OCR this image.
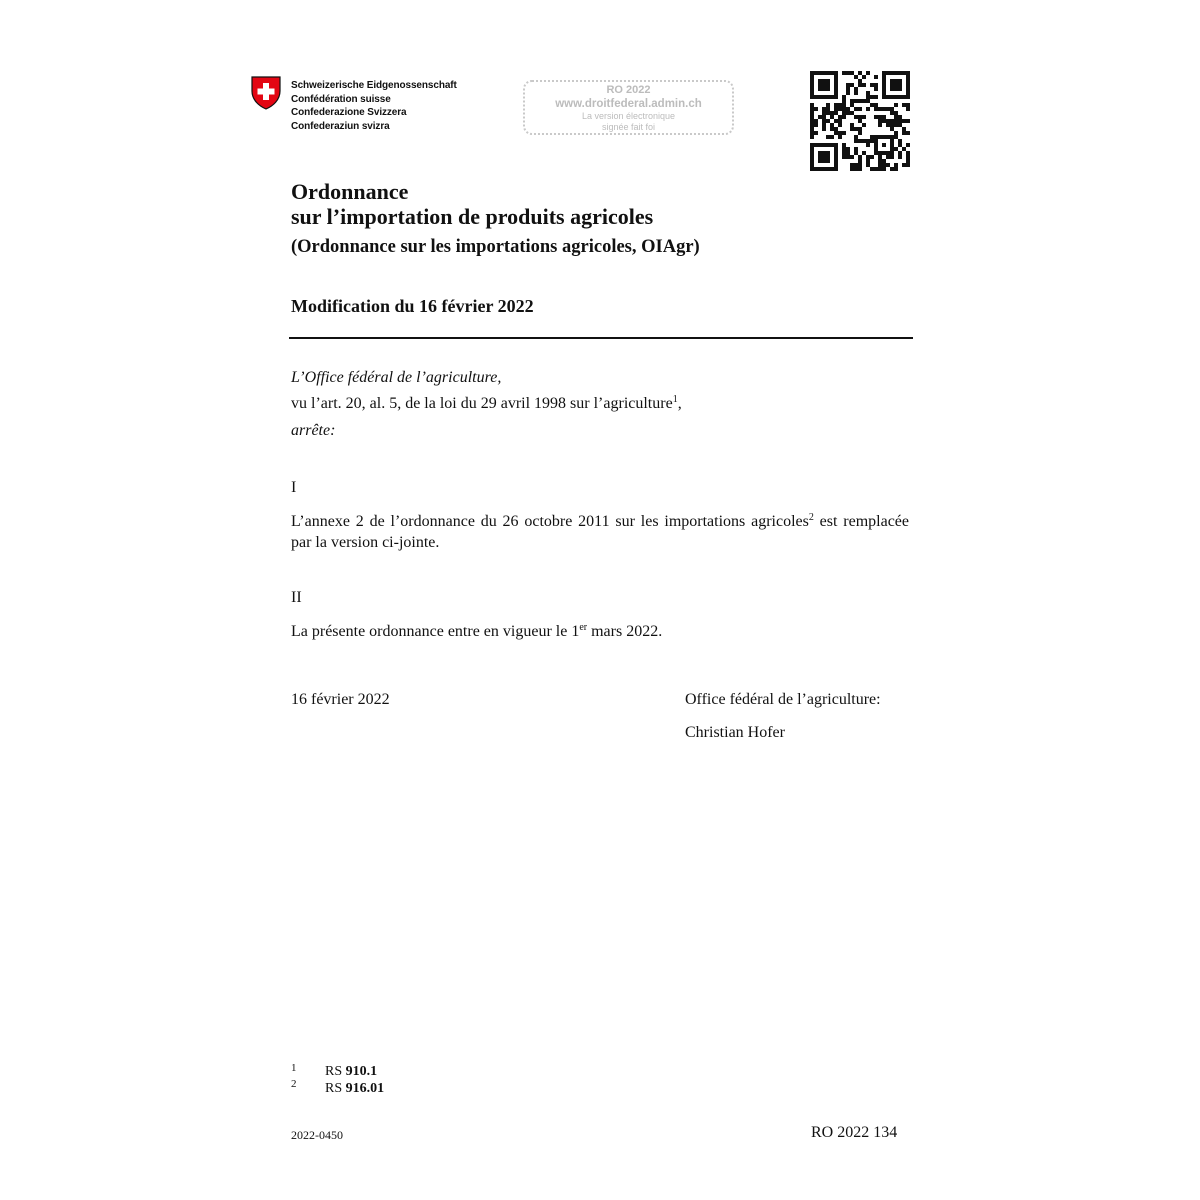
Schweizerische Eidgenossenschaft
Confédération suisse
Confederazione Svizzera
Confederaziun svizra
RO 2022
www.droitfederal.admin.ch
La version électronique
signée fait foi
Ordonnance
sur l’importation de produits agricoles
(Ordonnance sur les importations agricoles, OIAgr)
Modification du 16 février 2022
L’Office fédéral de l’agriculture,
vu l’art. 20, al. 5, de la loi du 29 avril 1998 sur l’agriculture$^1$,
arrête:
I
L’annexe 2 de l’ordonnance du 26 octobre 2011 sur les importations agricoles$^2$ est remplacée par la version ci-jointe.
II
La présente ordonnance entre en vigueur le 1er mars 2022.
16 février 2022	Office fédéral de l’agriculture:
Christian Hofer
1 RS 910.1
2 RS 916.01
2022-0450	RO 2022 134
